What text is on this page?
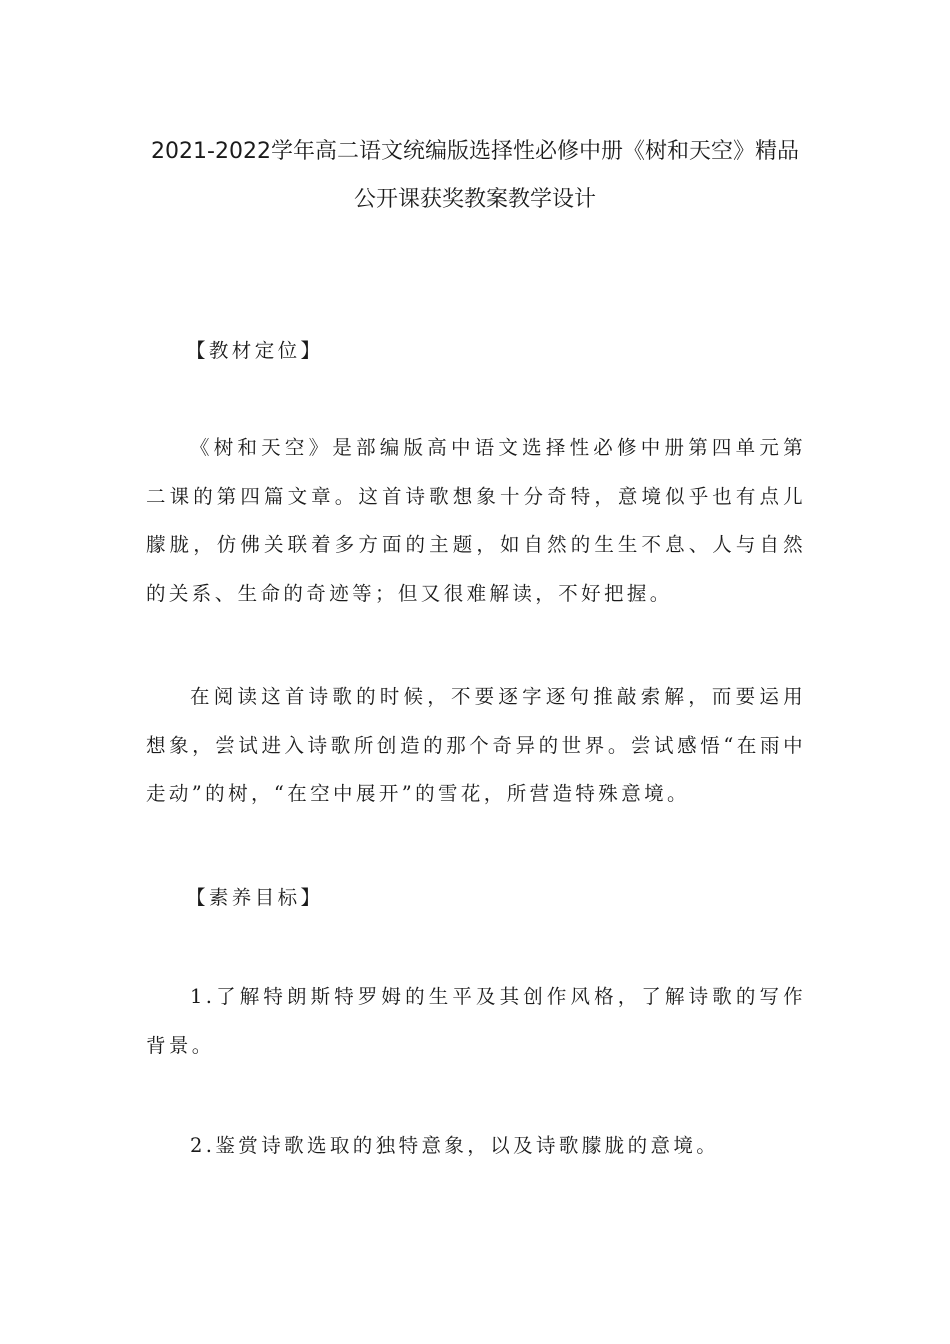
2021-2022学年高二语文统编版选择性必修中册《树和天空》精品
公开课获奖教案教学设计

【教材定位】

《树和天空》是部编版高中语文选择性必修中册第四单元第二课的第四篇文章。这首诗歌想象十分奇特，意境似乎也有点儿朦胧，仿佛关联着多方面的主题，如自然的生生不息、人与自然的关系、生命的奇迹等；但又很难解读，不好把握。

在阅读这首诗歌的时候，不要逐字逐句推敲索解，而要运用想象，尝试进入诗歌所创造的那个奇异的世界。尝试感悟“在雨中走动”的树，“在空中展开”的雪花，所营造特殊意境。

【素养目标】

1.了解特朗斯特罗姆的生平及其创作风格，了解诗歌的写作背景。

2.鉴赏诗歌选取的独特意象，以及诗歌朦胧的意境。
